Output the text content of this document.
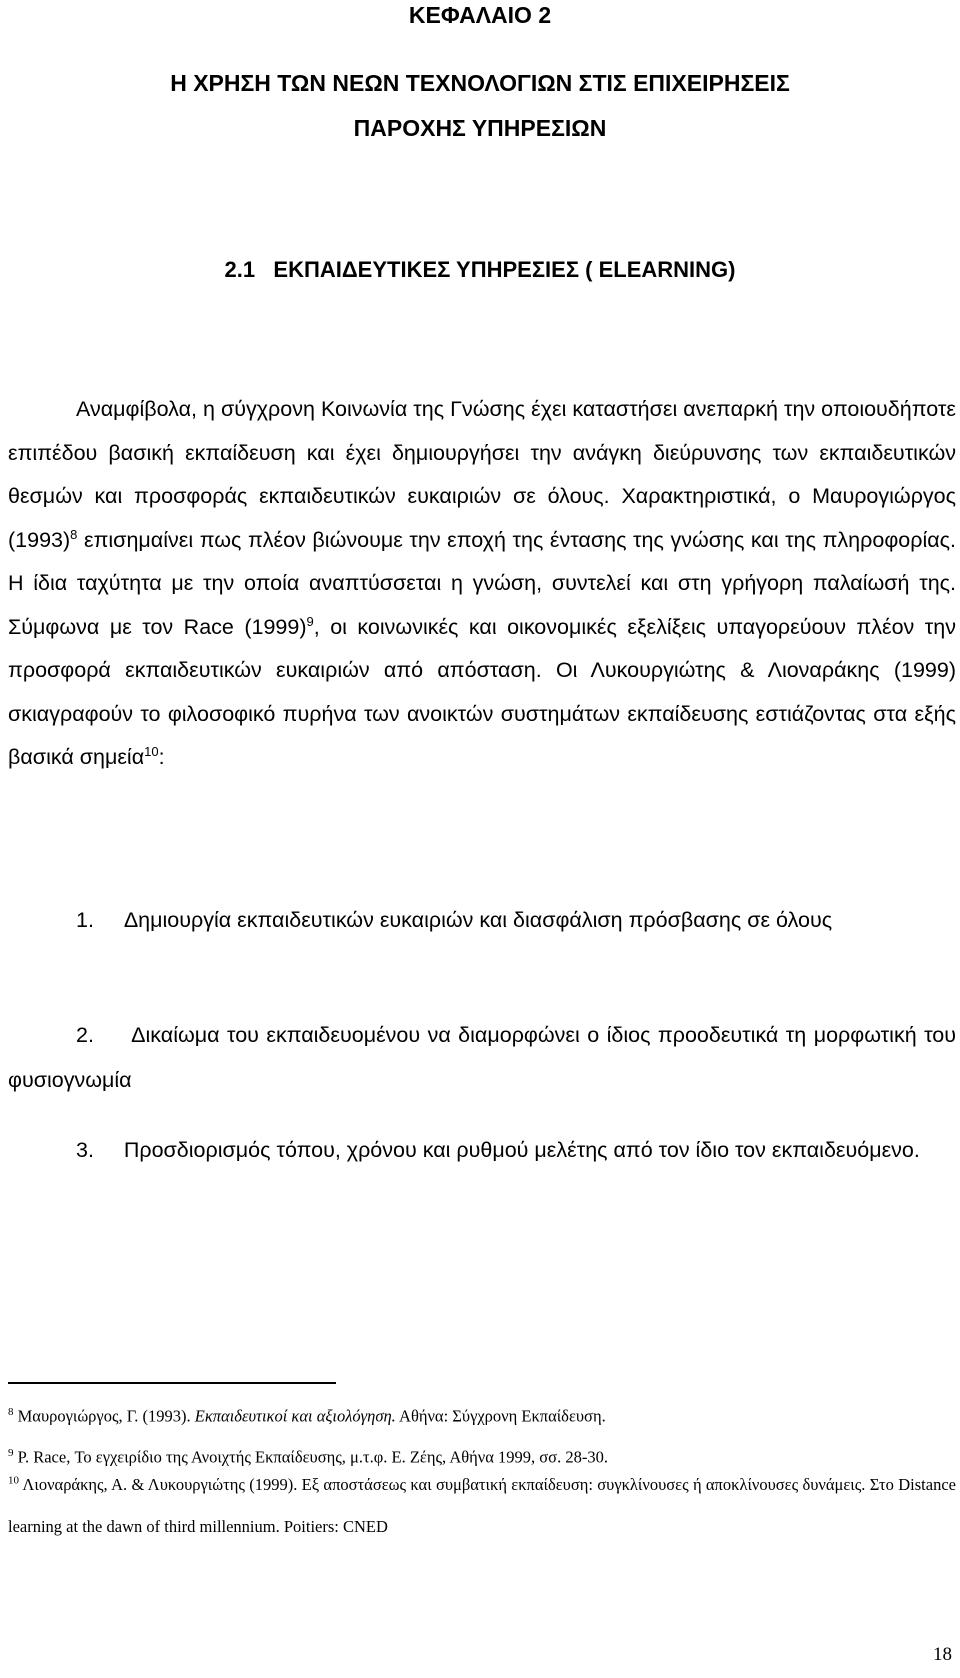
ΚΕΦΑΛΑΙΟ 2
Η ΧΡΗΣΗ ΤΩΝ ΝΕΩΝ ΤΕΧΝΟΛΟΓΙΩΝ ΣΤΙΣ ΕΠΙΧΕΙΡΗΣΕΙΣ
ΠΑΡΟΧΗΣ ΥΠΗΡΕΣΙΩΝ
2.1 ΕΚΠΑΙΔΕΥΤΙΚΕΣ ΥΠΗΡΕΣΙΕΣ ( ELEARNING)

Αναμφίβολα, η σύγχρονη Κοινωνία της Γνώσης έχει καταστήσει ανεπαρκή την οποιουδήποτε επιπέδου βασική εκπαίδευση και έχει δημιουργήσει την ανάγκη διεύρυνσης των εκπαιδευτικών θεσμών και προσφοράς εκπαιδευτικών ευκαιριών σε όλους. Χαρακτηριστικά, ο Μαυρογιώργος $(1993)^8$ επισημαίνει πως πλέον βιώνουμε την εποχή της έντασης της γνώσης και της πληροφορίας. Η ίδια ταχύτητα με την οποία αναπτύσσεται η γνώση, συντελεί και στη γρήγορη παλαίωσή της. Σύμφωνα με τον Race $(1999)^9$, οι κοινωνικές και οικονομικές εξελίξεις υπαγορεύουν πλέον την προσφορά εκπαιδευτικών ευκαιριών από απόσταση. Οι Λυκουργιώτης & Λιοναράκης (1999) σκιαγραφούν το φιλοσοφικό πυρήνα των ανοικτών συστημάτων εκπαίδευσης εστιάζοντας στα εξής βασικά σημεία$^{10}$:

1. Δημιουργία εκπαιδευτικών ευκαιριών και διασφάλιση πρόσβασης σε όλους

2. Δικαίωμα του εκπαιδευομένου να διαμορφώνει ο ίδιος προοδευτικά τη μορφωτική του φυσιογνωμία

3. Προσδιορισμός τόπου, χρόνου και ρυθμού μελέτης από τον ίδιο τον εκπαιδευόμενο.

$^8$ Μαυρογιώργος, Γ. (1993). Εκπαιδευτικοί και αξιολόγηση. Αθήνα: Σύγχρονη Εκπαίδευση.

$^9$ P. Race, Το εγχειρίδιο της Ανοιχτής Εκπαίδευσης, μ.τ.φ. Ε. Ζέης, Αθήνα 1999, σσ. 28-30.

$^{10}$ Λιοναράκης, Α. & Λυκουργιώτης (1999). Εξ αποστάσεως και συμβατική εκπαίδευση: συγκλίνουσες ή αποκλίνουσες δυνάμεις. Στο Distance learning at the dawn of third millennium. Poitiers: CNED

18
